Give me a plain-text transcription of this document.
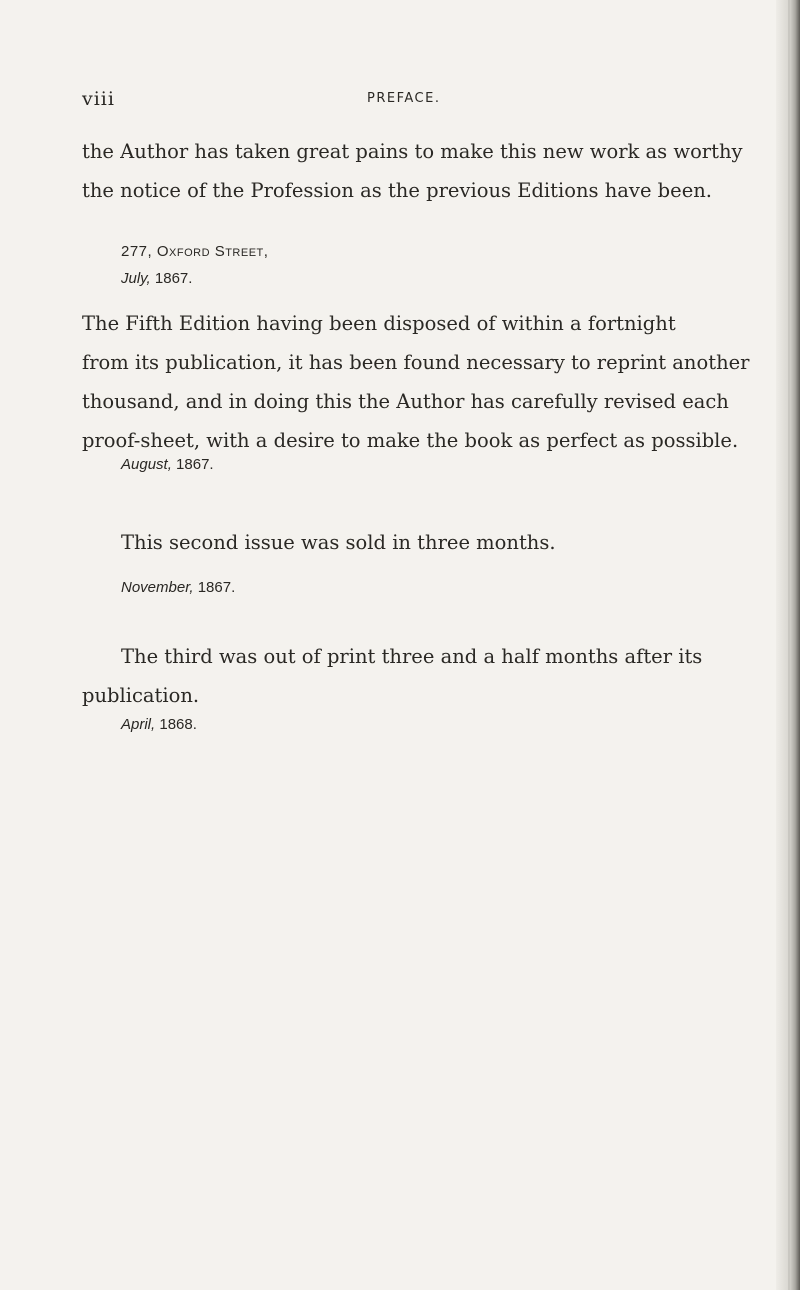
viii	PREFACE.

the Author has taken great pains to make this new work as worthy
the notice of the Profession as the previous Editions have been.

277, Oxford Street,

July, 1867.

The Fifth Edition having been disposed of within a fortnight
from its publication, it has been found necessary to reprint another
thousand, and in doing this the Author has carefully revised each
proof-sheet, with a desire to make the book as perfect as possible.

August, 1867.

This second issue was sold in three months.

November, 1867.

The third was out of print three and a half months after its
publication.

April, 1868.
